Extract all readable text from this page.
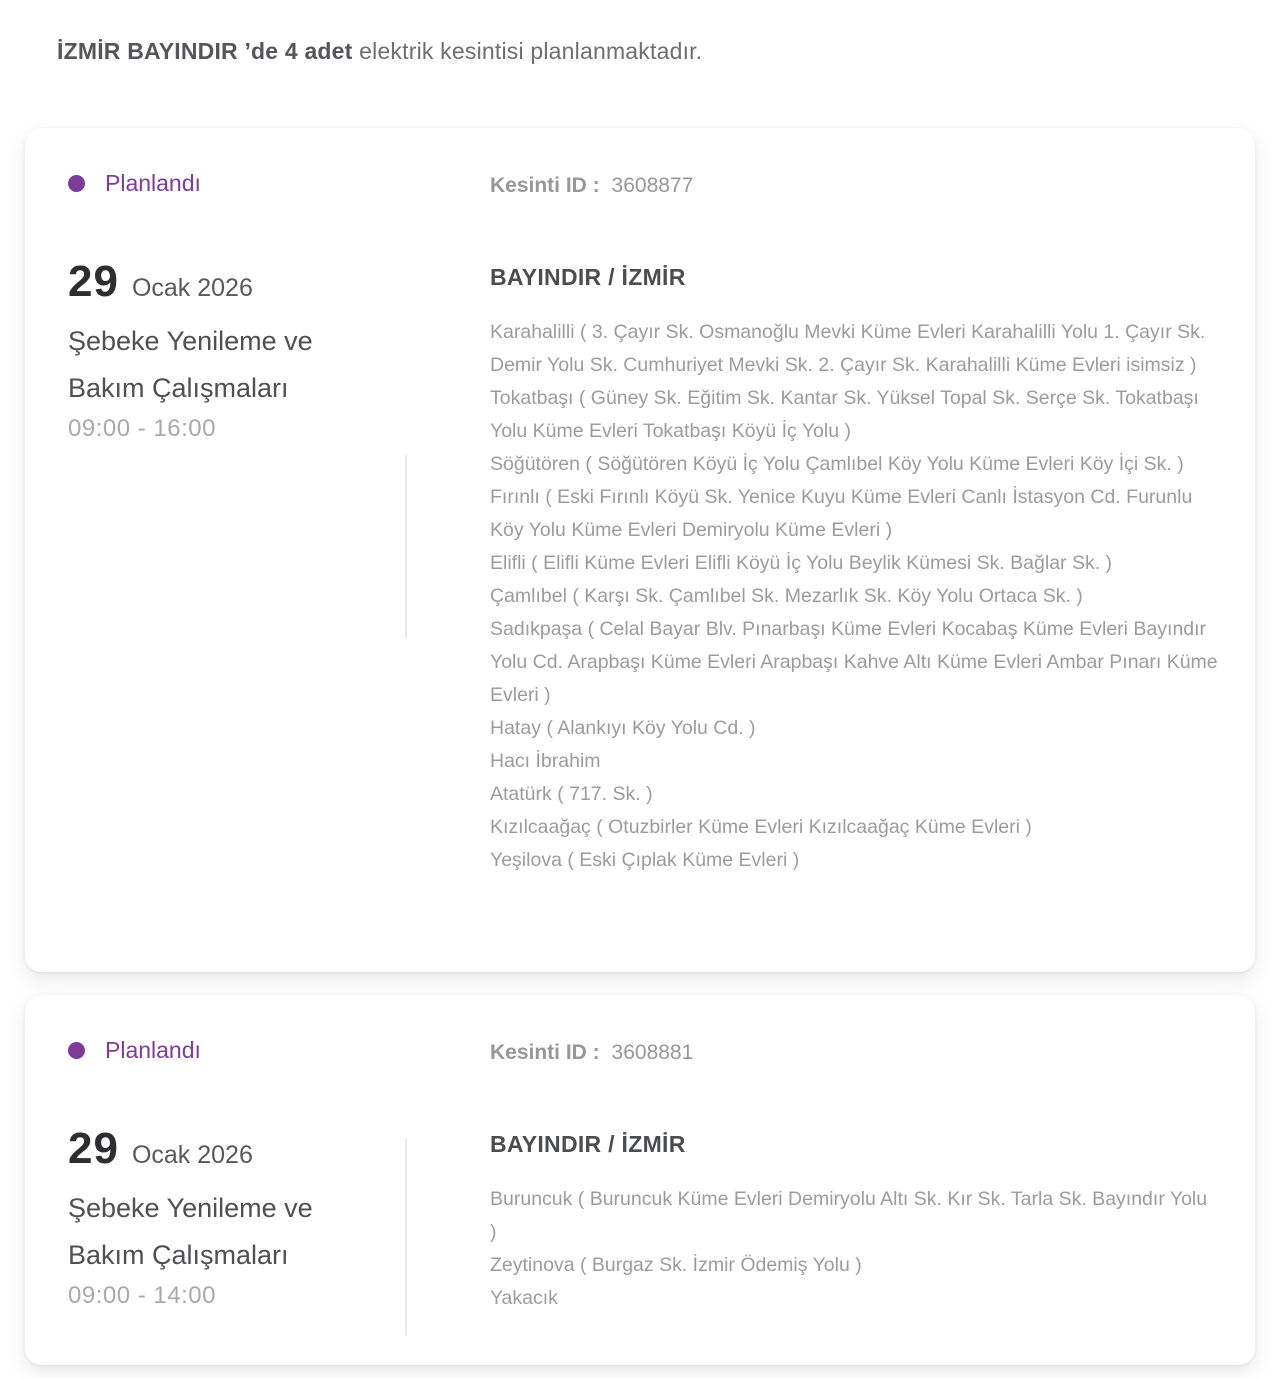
İZMİR BAYINDIR ’de 4 adet elektrik kesintisi planlanmaktadır.
Planlandı	Kesinti ID : 3608877
29 Ocak 2026
Şebeke Yenileme ve Bakım Çalışmaları
09:00 - 16:00
BAYINDIR / İZMİR
Karahalilli ( 3. Çayır Sk. Osmanoğlu Mevki Küme Evleri Karahalilli Yolu 1. Çayır Sk. Demir Yolu Sk. Cumhuriyet Mevki Sk. 2. Çayır Sk. Karahalilli Küme Evleri isimsiz )
Tokatbaşı ( Güney Sk. Eğitim Sk. Kantar Sk. Yüksel Topal Sk. Serçe Sk. Tokatbaşı Yolu Küme Evleri Tokatbaşı Köyü İç Yolu )
Söğütören ( Söğütören Köyü İç Yolu Çamlıbel Köy Yolu Küme Evleri Köy İçi Sk. )
Fırınlı ( Eski Fırınlı Köyü Sk. Yenice Kuyu Küme Evleri Canlı İstasyon Cd. Furunlu Köy Yolu Küme Evleri Demiryolu Küme Evleri )
Elifli ( Elifli Küme Evleri Elifli Köyü İç Yolu Beylik Kümesi Sk. Bağlar Sk. )
Çamlıbel ( Karşı Sk. Çamlıbel Sk. Mezarlık Sk. Köy Yolu Ortaca Sk. )
Sadıkpaşa ( Celal Bayar Blv. Pınarbaşı Küme Evleri Kocabaş Küme Evleri Bayındır Yolu Cd. Arapbaşı Küme Evleri Arapbaşı Kahve Altı Küme Evleri Ambar Pınarı Küme Evleri )
Hatay ( Alankıyı Köy Yolu Cd. )
Hacı İbrahim
Atatürk ( 717. Sk. )
Kızılcaağaç ( Otuzbirler Küme Evleri Kızılcaağaç Küme Evleri )
Yeşilova ( Eski Çıplak Küme Evleri )
Planlandı	Kesinti ID : 3608881
29 Ocak 2026
Şebeke Yenileme ve Bakım Çalışmaları
09:00 - 14:00
BAYINDIR / İZMİR
Buruncuk ( Buruncuk Küme Evleri Demiryolu Altı Sk. Kır Sk. Tarla Sk. Bayındır Yolu )
Zeytinova ( Burgaz Sk. İzmir Ödemiş Yolu )
Yakacık
